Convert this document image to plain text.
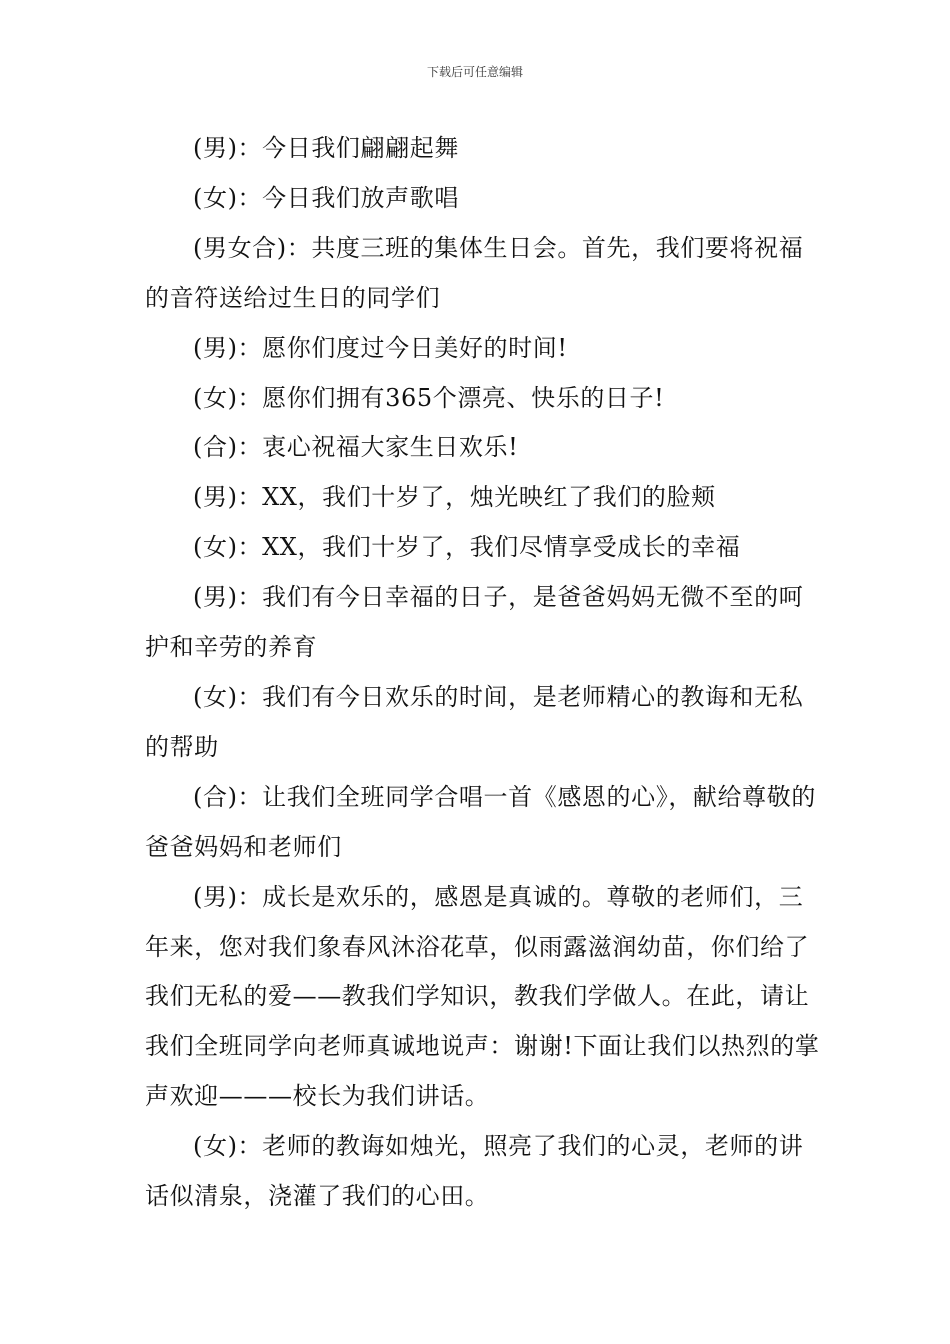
下载后可任意编辑

(男)：今日我们翩翩起舞

(女)：今日我们放声歌唱

(男女合)：共度三班的集体生日会。首先，我们要将祝福的音符送给过生日的同学们

(男)：愿你们度过今日美好的时间!

(女)：愿你们拥有365个漂亮、快乐的日子!

(合)：衷心祝福大家生日欢乐!

(男)：XX，我们十岁了，烛光映红了我们的脸颊

(女)：XX，我们十岁了，我们尽情享受成长的幸福

(男)：我们有今日幸福的日子，是爸爸妈妈无微不至的呵护和辛劳的养育

(女)：我们有今日欢乐的时间，是老师精心的教诲和无私的帮助

(合)：让我们全班同学合唱一首《感恩的心》，献给尊敬的爸爸妈妈和老师们

(男)：成长是欢乐的，感恩是真诚的。尊敬的老师们，三年来，您对我们象春风沐浴花草，似雨露滋润幼苗，你们给了我们无私的爱——教我们学知识，教我们学做人。在此，请让我们全班同学向老师真诚地说声：谢谢!下面让我们以热烈的掌声欢迎———校长为我们讲话。

(女)：老师的教诲如烛光，照亮了我们的心灵，老师的讲话似清泉，浇灌了我们的心田。
